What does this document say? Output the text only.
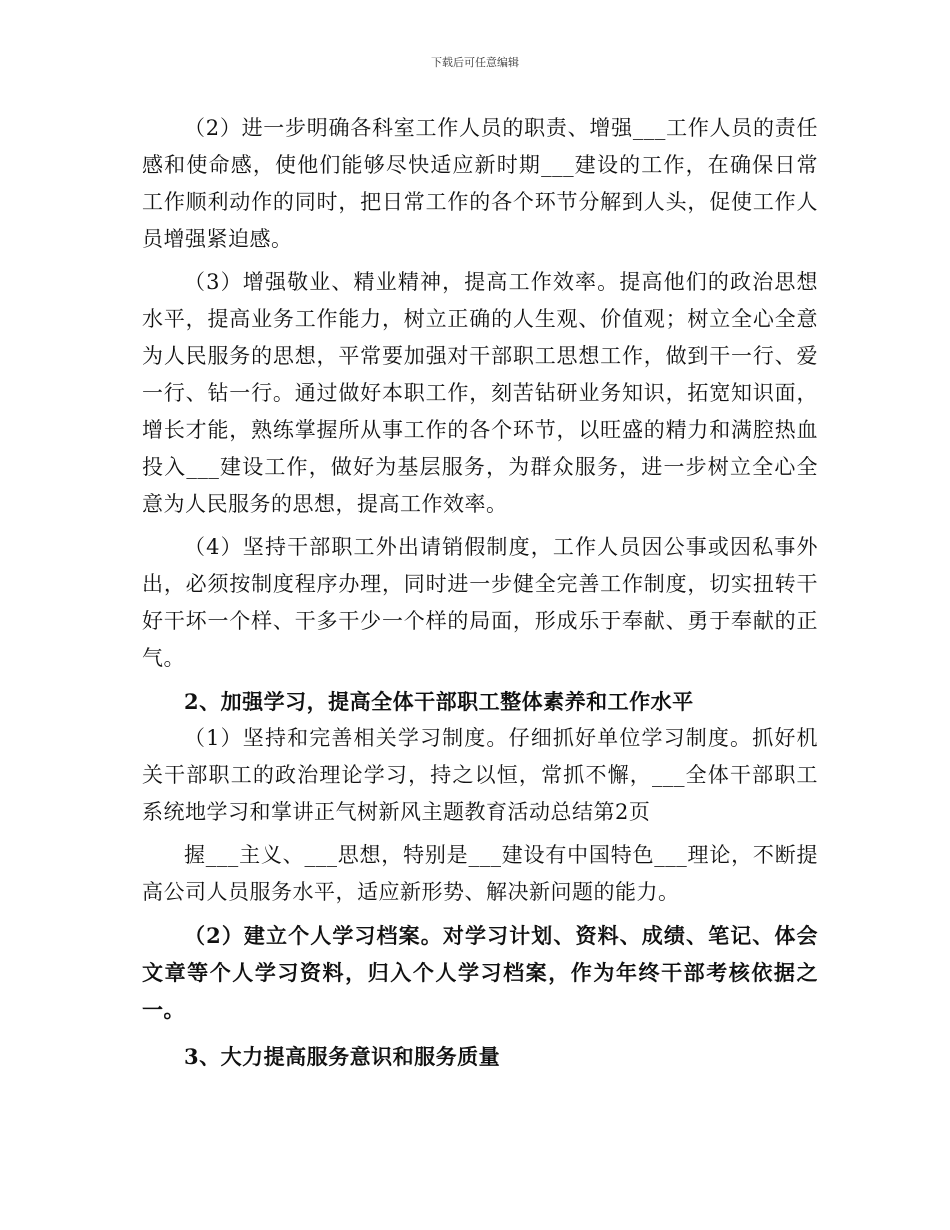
下载后可任意编辑

（2）进一步明确各科室工作人员的职责、增强___工作人员的责任感和使命感，使他们能够尽快适应新时期___建设的工作，在确保日常工作顺利动作的同时，把日常工作的各个环节分解到人头，促使工作人员增强紧迫感。

（3）增强敬业、精业精神，提高工作效率。提高他们的政治思想水平，提高业务工作能力，树立正确的人生观、价值观；树立全心全意为人民服务的思想，平常要加强对干部职工思想工作，做到干一行、爱一行、钻一行。通过做好本职工作，刻苦钻研业务知识，拓宽知识面，增长才能，熟练掌握所从事工作的各个环节，以旺盛的精力和满腔热血投入___建设工作，做好为基层服务，为群众服务，进一步树立全心全意为人民服务的思想，提高工作效率。

（4）坚持干部职工外出请销假制度，工作人员因公事或因私事外出，必须按制度程序办理，同时进一步健全完善工作制度，切实扭转干好干坏一个样、干多干少一个样的局面，形成乐于奉献、勇于奉献的正气。

2、加强学习，提高全体干部职工整体素养和工作水平

（1）坚持和完善相关学习制度。仔细抓好单位学习制度。抓好机关干部职工的政治理论学习，持之以恒，常抓不懈，___全体干部职工系统地学习和掌讲正气树新风主题教育活动总结第2页

握___主义、___思想，特别是___建设有中国特色___理论，不断提高公司人员服务水平，适应新形势、解决新问题的能力。

（2）建立个人学习档案。对学习计划、资料、成绩、笔记、体会文章等个人学习资料，归入个人学习档案，作为年终干部考核依据之一。

3、大力提高服务意识和服务质量
